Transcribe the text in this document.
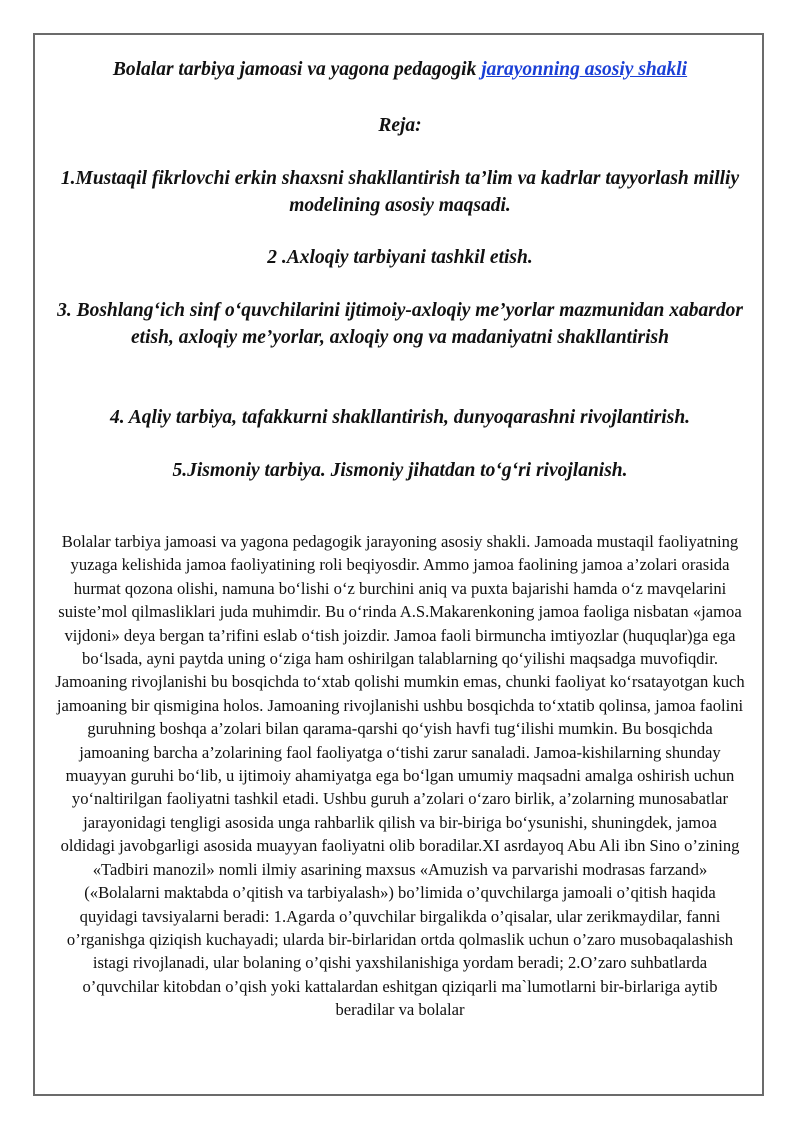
Bolalar tarbiya jamoasi va yagona pedagogik jarayonning asosiy shakli
Reja:
1.Mustaqil fikrlovchi erkin shaxsni shakllantirish ta’lim va kadrlar tayyorlash milliy modelining asosiy maqsadi.
2 .Axloqiy tarbiyani tashkil etish.
3. Boshlang‘ich sinf o‘quvchilarini ijtimoiy-axloqiy me’yorlar mazmunidan xabardor etish, axloqiy me’yorlar, axloqiy ong va madaniyatni shakllantirish
4. Aqliy tarbiya, tafakkurni shakllantirish, dunyoqarashni rivojlantirish.
5.Jismoniy tarbiya. Jismoniy jihatdan to‘g‘ri rivojlanish.
Bolalar tarbiya jamoasi va yagona pedagogik jarayoning asosiy shakli. Jamoada mustaqil faoliyatning yuzaga kelishida jamoa faoliyatining roli beqiyosdir. Ammo jamoa faolining jamoa a’zolari orasida hurmat qozona olishi, namuna bo‘lishi o‘z burchini aniq va puxta bajarishi hamda o‘z mavqelarini suiste’mol qilmasliklari juda muhimdir. Bu o‘rinda A.S.Makarenkoning jamoa faoliga nisbatan «jamoa vijdoni» deya bergan ta’rifini eslab o‘tish joizdir. Jamoa faoli birmuncha imtiyozlar (huquqlar)ga ega bo‘lsada, ayni paytda uning o‘ziga ham oshirilgan talablarning qo‘yilishi maqsadga muvofiqdir. Jamoaning rivojlanishi bu bosqichda to‘xtab qolishi mumkin emas, chunki faoliyat ko‘rsatayotgan kuch jamoaning bir qismigina holos. Jamoaning rivojlanishi ushbu bosqichda to‘xtatib qolinsa, jamoa faolini guruhning boshqa a’zolari bilan qarama-qarshi qo‘yish havfi tug‘ilishi mumkin. Bu bosqichda jamoaning barcha a’zolarining faol faoliyatga o‘tishi zarur sanaladi. Jamoa-kishilarning shunday muayyan guruhi bo‘lib, u ijtimoiy ahamiyatga ega bo‘lgan umumiy maqsadni amalga oshirish uchun yo‘naltirilgan faoliyatni tashkil etadi. Ushbu guruh a’zolari o‘zaro birlik, a’zolarning munosabatlar jarayonidagi tengligi asosida unga rahbarlik qilish va bir-biriga bo‘ysunishi, shuningdek, jamoa oldidagi javobgarligi asosida muayyan faoliyatni olib boradilar.XI asrdayoq Abu Ali ibn Sino o’zining «Tadbiri manozil» nomli ilmiy asarining maxsus «Amuzish va parvarishi modrasas farzand» («Bolalarni maktabda o’qitish va tarbiyalash») bo’limida o’quvchilarga jamoali o’qitish haqida quyidagi tavsiyalarni beradi: 1.Agarda o’quvchilar birgalikda o’qisalar, ular zerikmaydilar, fanni o’rganishga qiziqish kuchayadi; ularda bir-birlaridan ortda qolmaslik uchun o’zaro musobaqalashish istagi rivojlanadi, ular bolaning o’qishi yaxshilanishiga yordam beradi; 2.O’zaro suhbatlarda o’quvchilar kitobdan o’qish yoki kattalardan eshitgan qiziqarli ma`lumotlarni bir-birlariga aytib beradilar va bolalar
